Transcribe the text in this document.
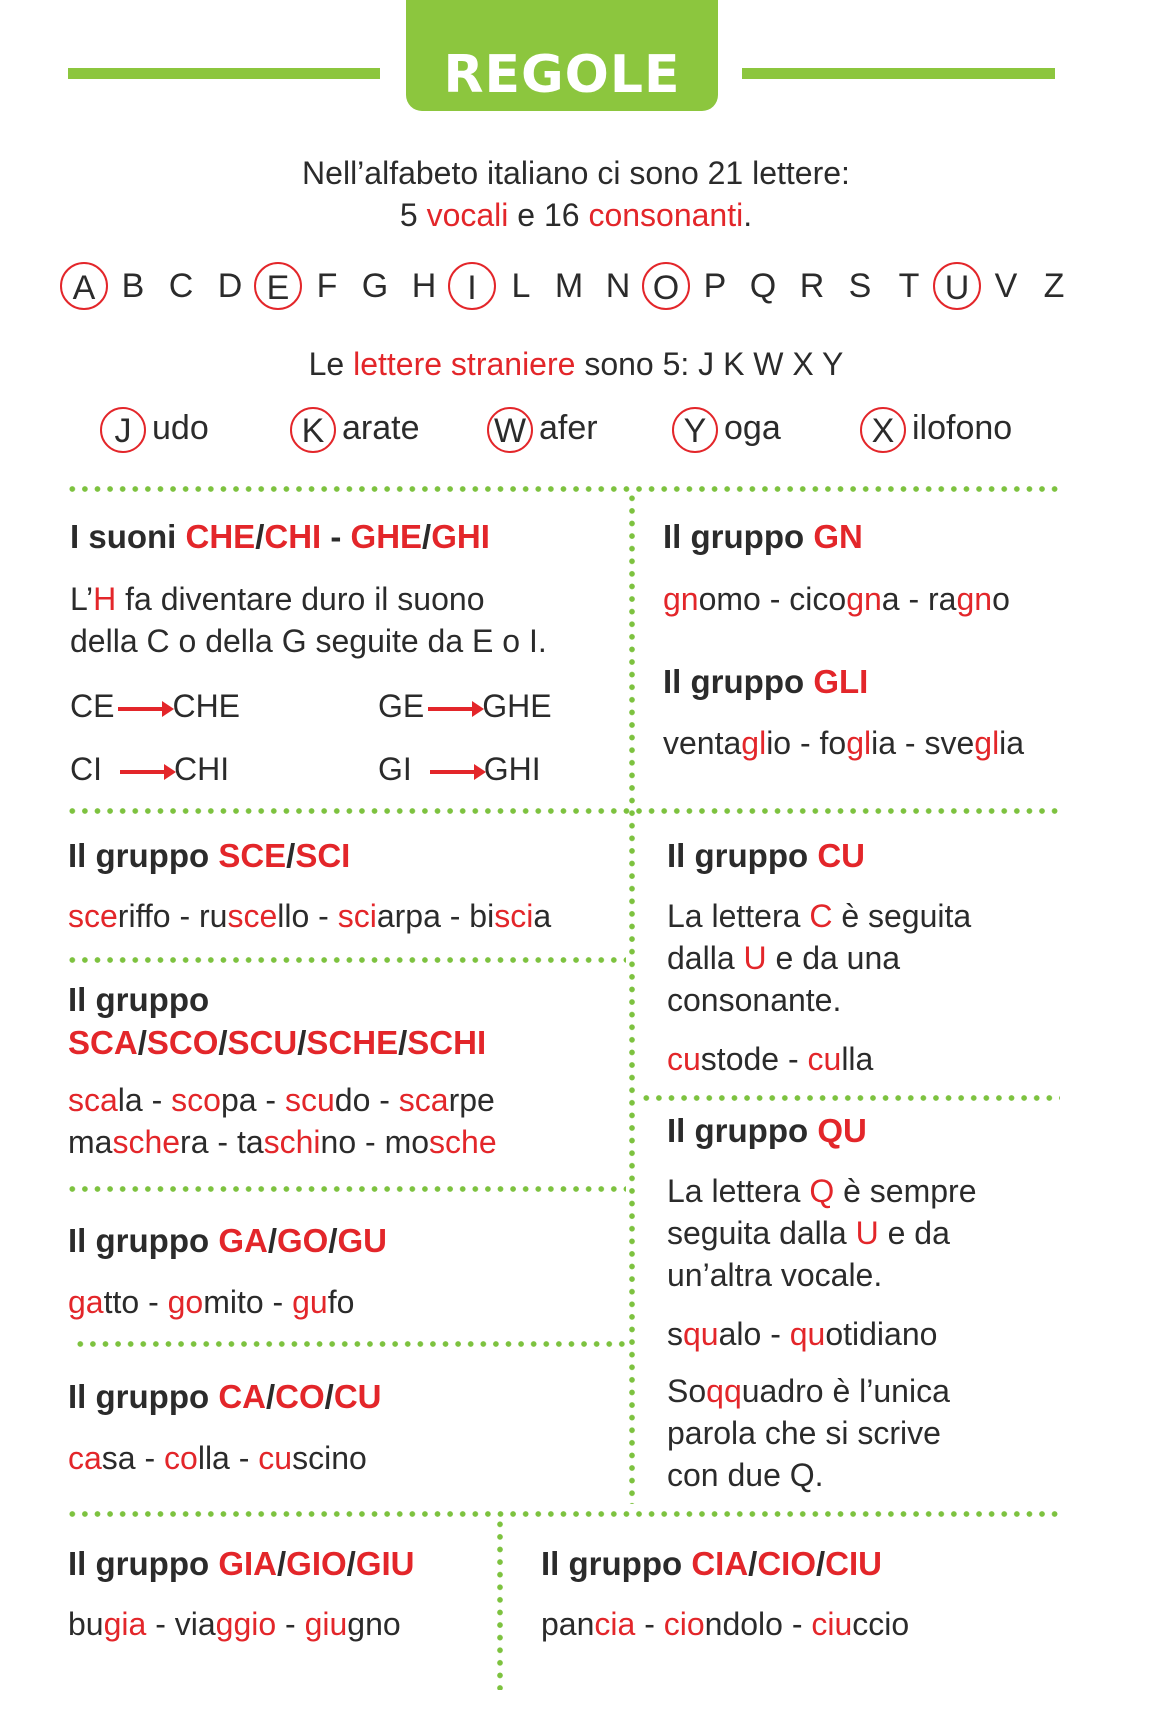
REGOLE
Nell’alfabeto italiano ci sono 21 lettere:
5 vocali e 16 consonanti.
A B C D E F G H I	L M N O P Q R S T U V Z
Le lettere straniere sono 5: J K W X Y
J udo	K arate W afer	Y oga	X ilofono
I suoni CHE/CHI - GHE/GHI
L’H fa diventare duro il suono
della C o della G seguite da E o I.
CE CHE	GE GHE
CI CHI	GI GHI
Il gruppo GN
gnomo - cicogna - ragno
Il gruppo GLI
ventaglio - foglia - sveglia
Il gruppo SCE/SCI
sceriffo - ruscello - sciarpa - biscia
Il gruppo
SCA/SCO/SCU/SCHE/SCHI
scala - scopa - scudo - scarpe
maschera - taschino - mosche
Il gruppo GA/GO/GU
gatto - gomito - gufo
Il gruppo CA/CO/CU
casa - colla - cuscino
Il gruppo CU
La lettera C è seguita
dalla U e da una
consonante.
custode - culla
Il gruppo QU
La lettera Q è sempre
seguita dalla U e da
un’altra vocale.
squalo - quotidiano
Soqquadro è l’unica
parola che si scrive
con due Q.
Il gruppo GIA/GIO/GIU
bugia - viaggio - giugno
Il gruppo CIA/CIO/CIU
pancia - ciondolo - ciuccio
